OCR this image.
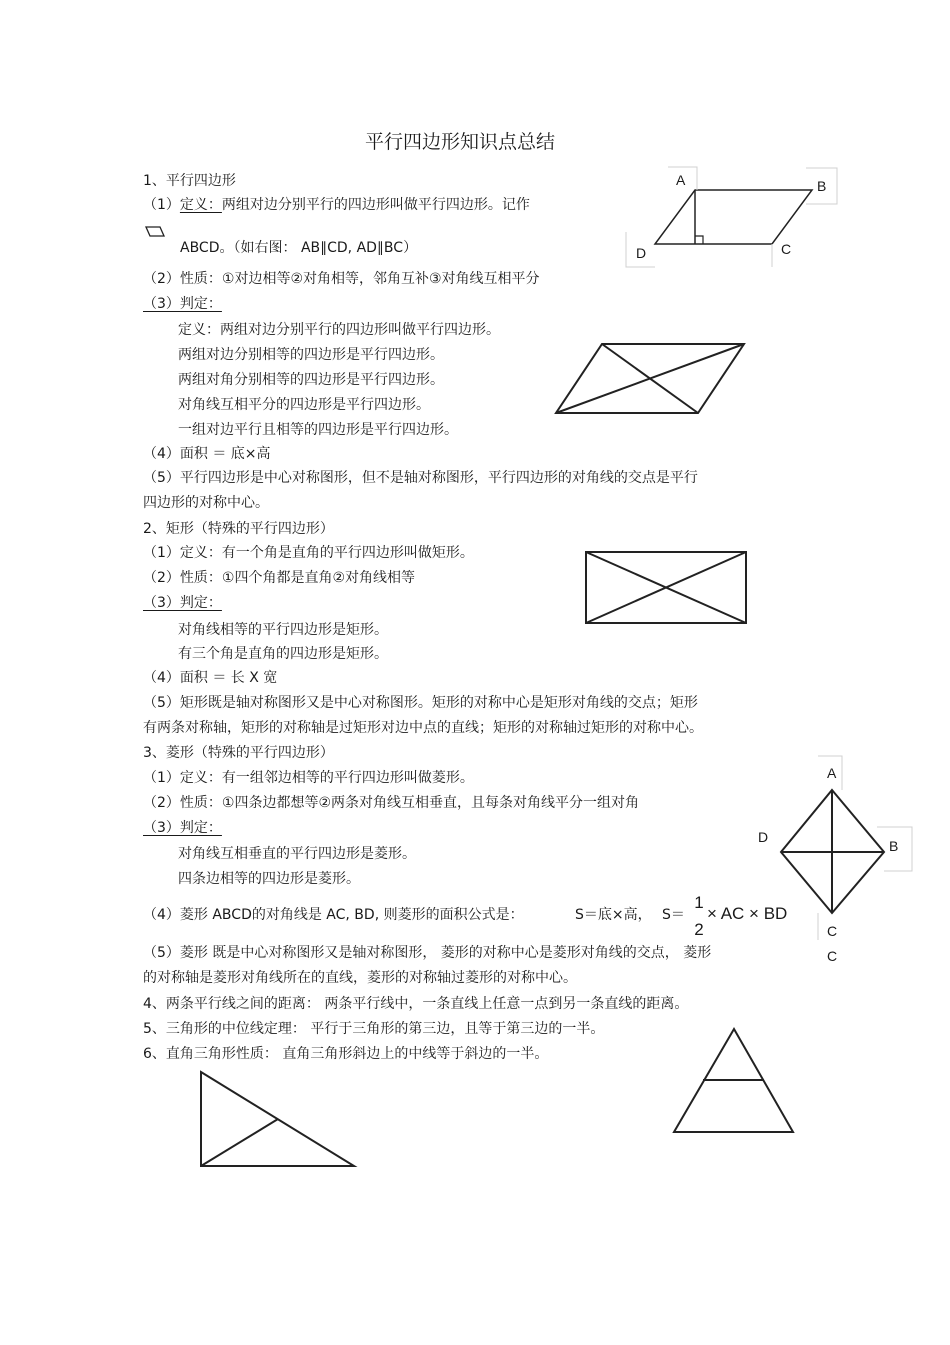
平行四边形知识点总结
1、平行四边形
（1）定义：两组对边分别平行的四边形叫做平行四边形。记作
ABCD。（如右图： AB∥CD, AD∥BC）
（2）性质：①对边相等②对角相等，邻角互补③对角线互相平分
（3）判定：
定义：两组对边分别平行的四边形叫做平行四边形。
两组对边分别相等的四边形是平行四边形。
两组对角分别相等的四边形是平行四边形。
对角线互相平分的四边形是平行四边形。
一组对边平行且相等的四边形是平行四边形。
（4）面积 ＝ 底×高
（5）平行四边形是中心对称图形，但不是轴对称图形，平行四边形的对角线的交点是平行
四边形的对称中心。
2、矩形（特殊的平行四边形）
（1）定义：有一个角是直角的平行四边形叫做矩形。
（2）性质：①四个角都是直角②对角线相等
（3）判定：
对角线相等的平行四边形是矩形。
有三个角是直角的四边形是矩形。
（4）面积 ＝ 长 X 宽
（5）矩形既是轴对称图形又是中心对称图形。矩形的对称中心是矩形对角线的交点；矩形
有两条对称轴，矩形的对称轴是过矩形对边中点的直线；矩形的对称轴过矩形的对称中心。
3、菱形（特殊的平行四边形）
（1）定义：有一组邻边相等的平行四边形叫做菱形。
（2）性质：①四条边都想等②两条对角线互相垂直，且每条对角线平分一组对角
（3）判定：
对角线互相垂直的平行四边形是菱形。
四条边相等的四边形是菱形。
（4）菱形 ABCD的对角线是 AC, BD, 则菱形的面积公式是：	S＝底×高， S＝
1
2
× AC × BD
（5）菱形 既是中心对称图形又是轴对称图形， 菱形的对称中心是菱形对角线的交点， 菱形
的对称轴是菱形对角线所在的直线，菱形的对称轴过菱形的对称中心。
4、两条平行线之间的距离： 两条平行线中，一条直线上任意一点到另一条直线的距离。
5、三角形的中位线定理： 平行于三角形的第三边，且等于第三边的一半。
6、直角三角形性质： 直角三角形斜边上的中线等于斜边的一半。
A	B
C
D
A
B
C
C
D
